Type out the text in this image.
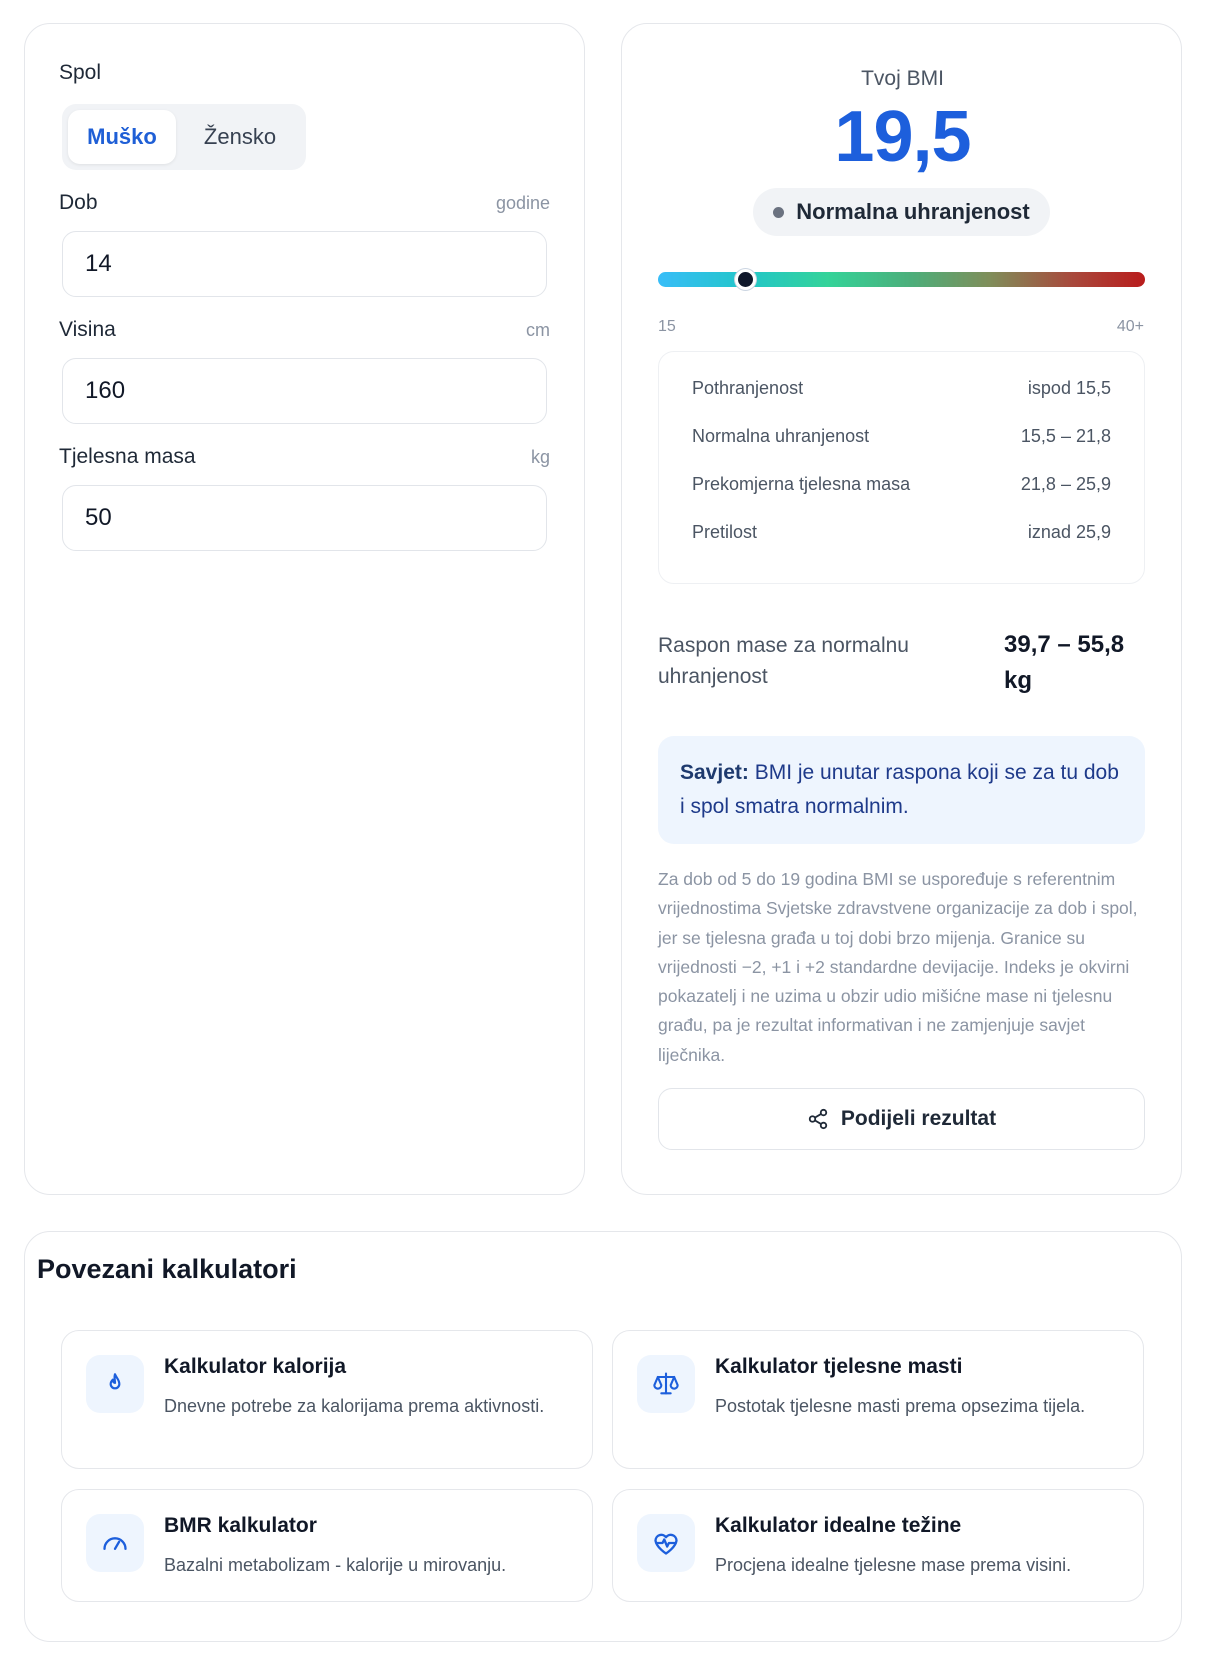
Spol
Muško	Žensko
Dob	godine
14
Visina	cm
160
Tjelesna masa	kg
50
Tvoj BMI
19,5
Normalna uhranjenost
15	40+
Pothranjenost	ispod 15,5
Normalna uhranjenost	15,5 – 21,8
Prekomjerna tjelesna masa	21,8 – 25,9
Pretilost	iznad 25,9
Raspon mase za normalnu uhranjenost
39,7 – 55,8 kg
Savjet: BMI je unutar raspona koji se za tu dob i spol smatra normalnim.
Za dob od 5 do 19 godina BMI se uspoređuje s referentnim vrijednostima Svjetske zdravstvene organizacije za dob i spol, jer se tjelesna građa u toj dobi brzo mijenja. Granice su vrijednosti −2, +1 i +2 standardne devijacije. Indeks je okvirni pokazatelj i ne uzima u obzir udio mišićne mase ni tjelesnu građu, pa je rezultat informativan i ne zamjenjuje savjet liječnika.
Podijeli rezultat
Povezani kalkulatori
Kalkulator kalorija
Dnevne potrebe za kalorijama prema aktivnosti.
Kalkulator tjelesne masti
Postotak tjelesne masti prema opsezima tijela.
BMR kalkulator
Bazalni metabolizam - kalorije u mirovanju.
Kalkulator idealne težine
Procjena idealne tjelesne mase prema visini.
